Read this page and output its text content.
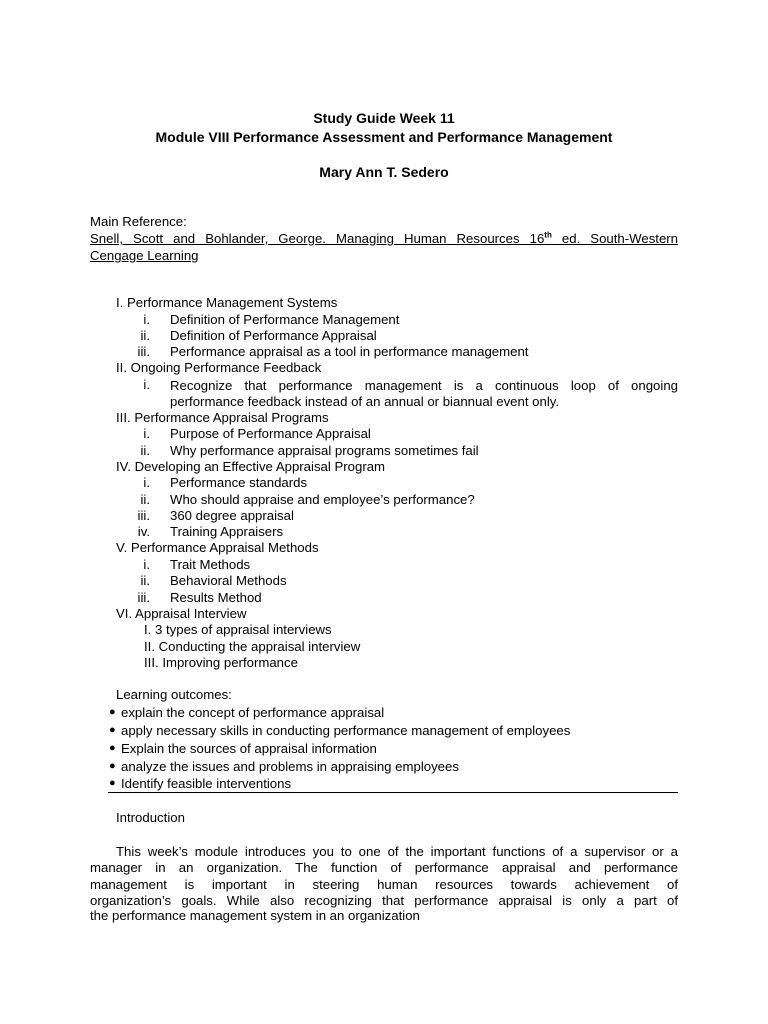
Study Guide Week 11
Module VIII Performance Assessment and Performance Management
Mary Ann T. Sedero
Main Reference:
Snell, Scott and Bohlander, George. Managing Human Resources 16th ed. South-Western
Cengage Learning
I. Performance Management Systems
i. Definition of Performance Management
ii. Definition of Performance Appraisal
iii. Performance appraisal as a tool in performance management
II. Ongoing Performance Feedback
i. Recognize that performance management is a continuous loop of ongoing
performance feedback instead of an annual or biannual event only.
III. Performance Appraisal Programs
i. Purpose of Performance Appraisal
ii. Why performance appraisal programs sometimes fail
IV. Developing an Effective Appraisal Program
i. Performance standards
ii. Who should appraise and employee’s performance?
iii. 360 degree appraisal
iv. Training Appraisers
V. Performance Appraisal Methods
i. Trait Methods
ii. Behavioral Methods
iii. Results Method
VI. Appraisal Interview
I. 3 types of appraisal interviews
II. Conducting the appraisal interview
III. Improving performance
Learning outcomes:
● explain the concept of performance appraisal
● apply necessary skills in conducting performance management of employees
● Explain the sources of appraisal information
● analyze the issues and problems in appraising employees
● Identify feasible interventions
Introduction
This week’s module introduces you to one of the important functions of a supervisor or a
manager in an organization. The function of performance appraisal and performance
management is important in steering human resources towards achievement of
organization’s goals. While also recognizing that performance appraisal is only a part of
the performance management system in an organization
